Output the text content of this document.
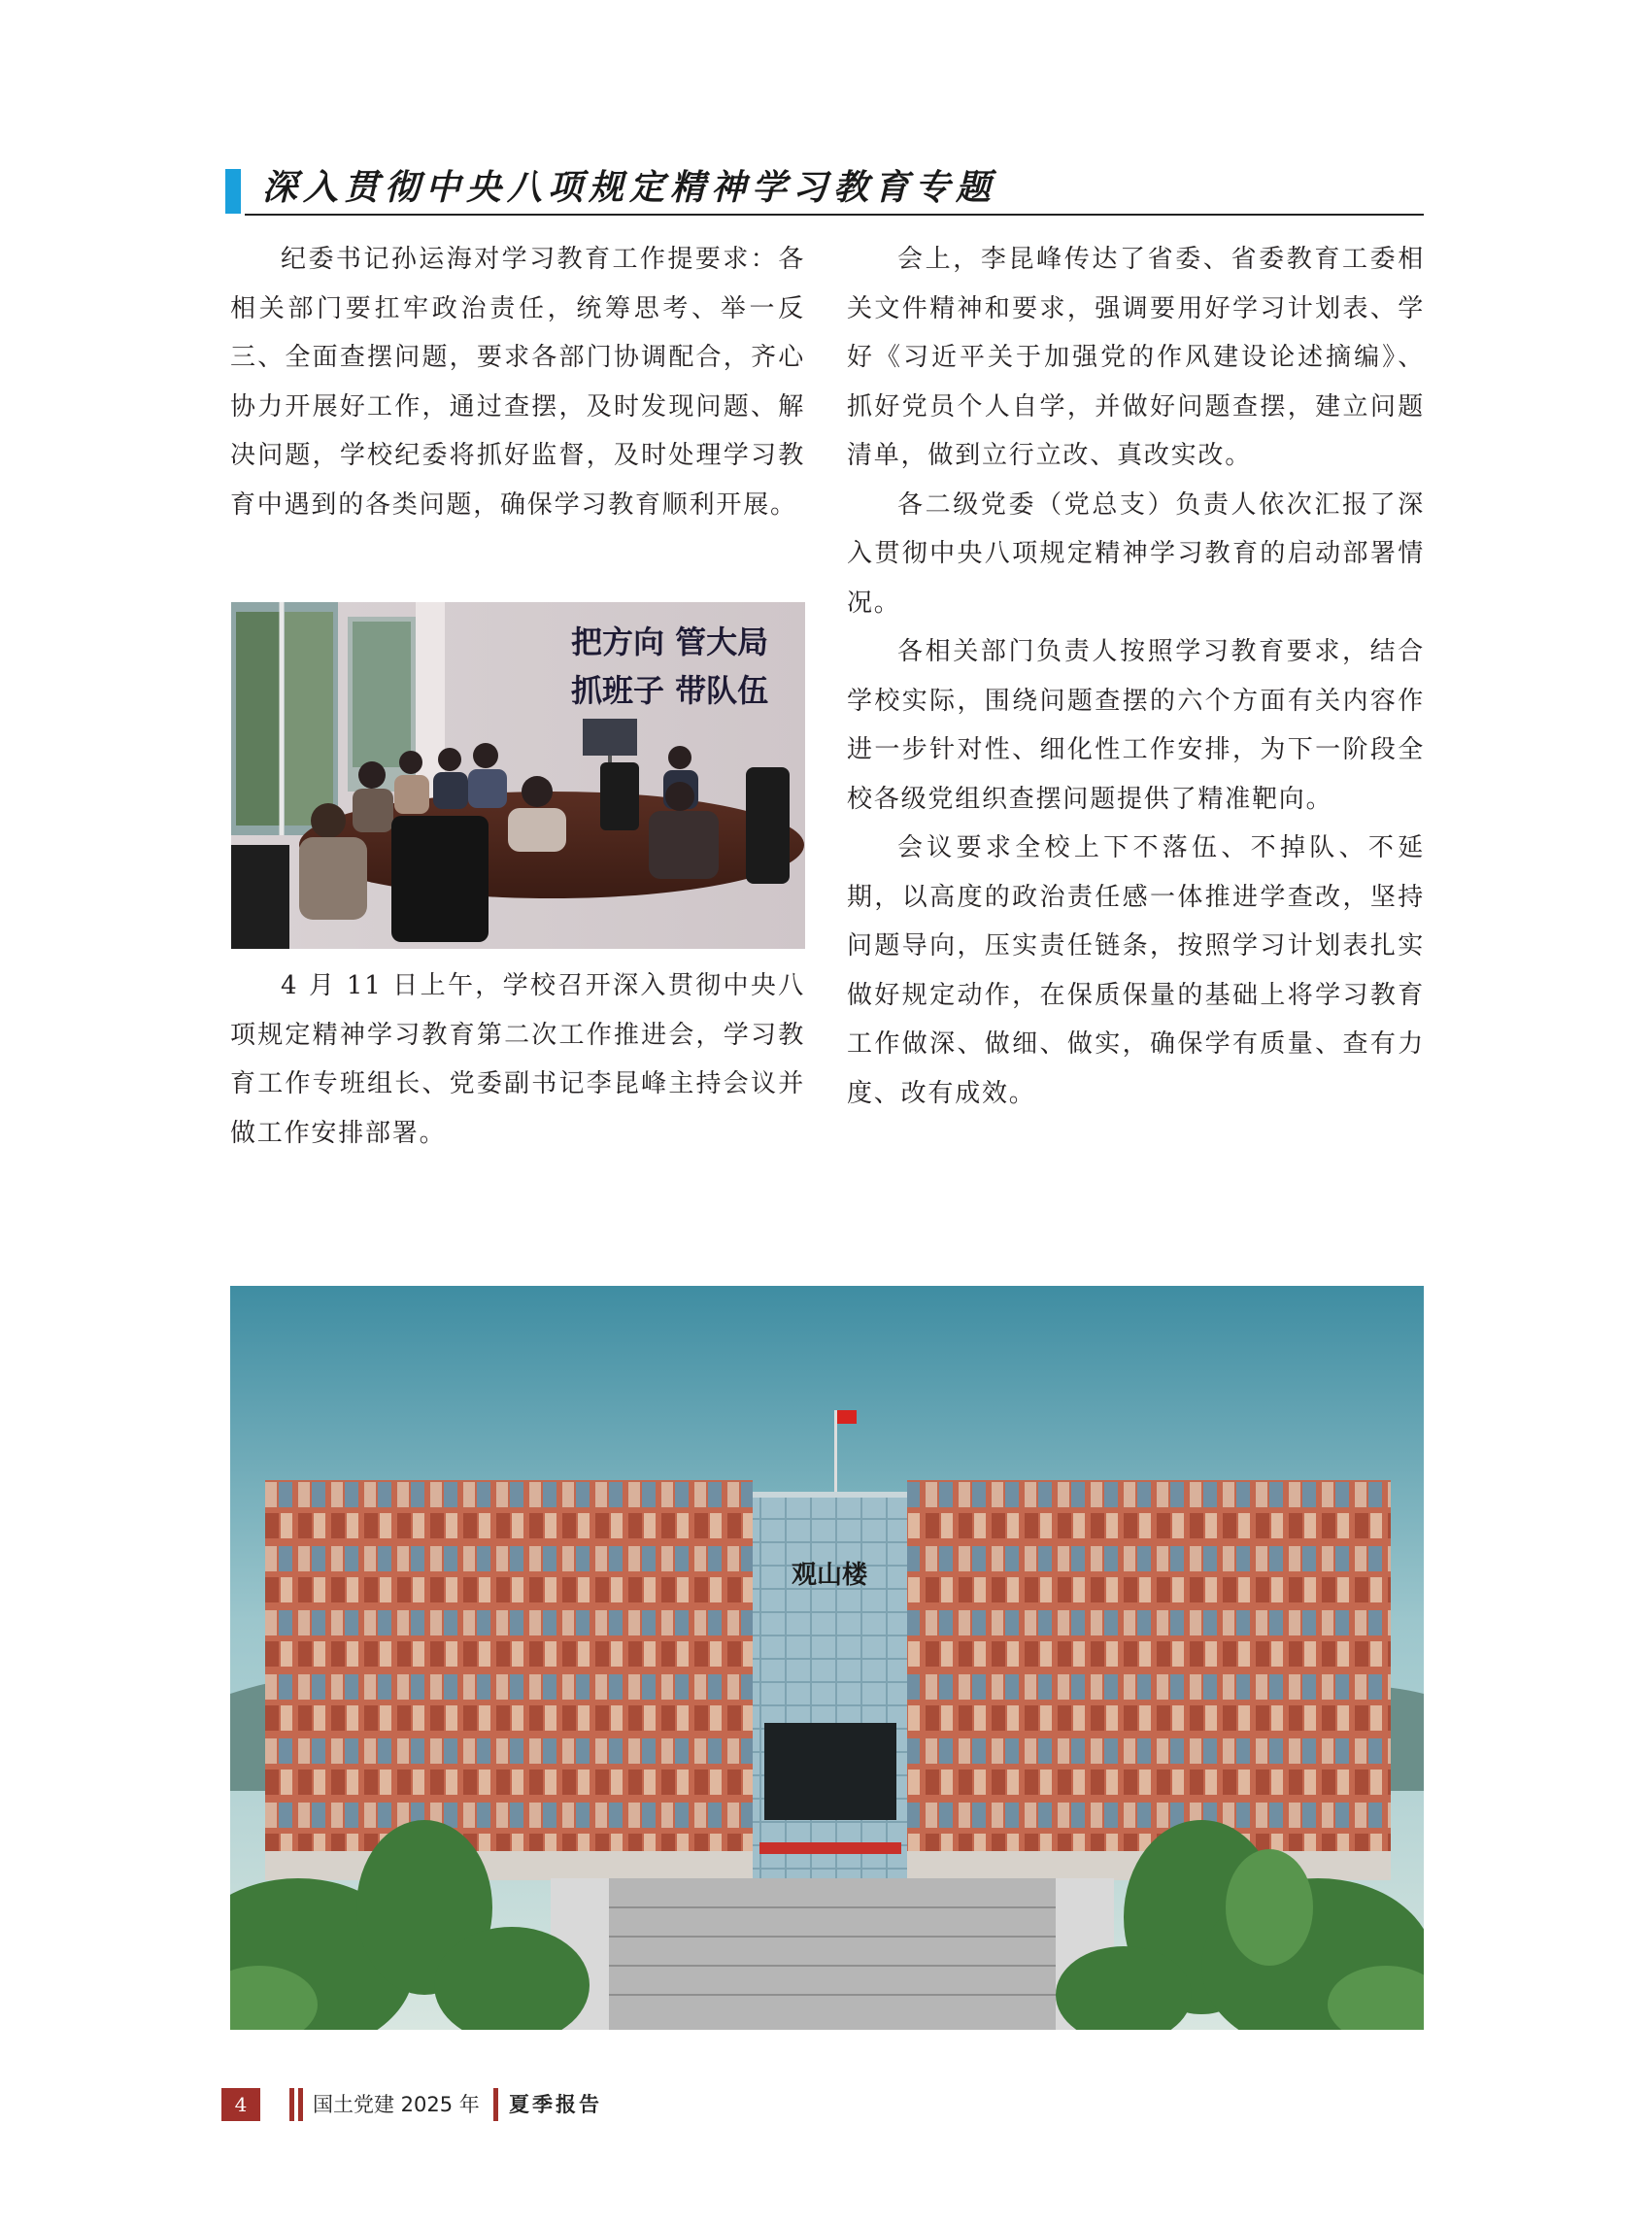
深入贯彻中央八项规定精神学习教育专题

纪委书记孙运海对学习教育工作提要求：各相关部门要扛牢政治责任，统筹思考、举一反三、全面查摆问题，要求各部门协调配合，齐心协力开展好工作，通过查摆，及时发现问题、解决问题，学校纪委将抓好监督，及时处理学习教育中遇到的各类问题，确保学习教育顺利开展。

把方向 管大局
抓班子 带队伍

4 月 11 日上午，学校召开深入贯彻中央八项规定精神学习教育第二次工作推进会，学习教育工作专班组长、党委副书记李昆峰主持会议并做工作安排部署。

会上，李昆峰传达了省委、省委教育工委相关文件精神和要求，强调要用好学习计划表、学好《习近平关于加强党的作风建设论述摘编》、抓好党员个人自学，并做好问题查摆，建立问题清单，做到立行立改、真改实改。

各二级党委（党总支）负责人依次汇报了深入贯彻中央八项规定精神学习教育的启动部署情况。

各相关部门负责人按照学习教育要求，结合学校实际，围绕问题查摆的六个方面有关内容作进一步针对性、细化性工作安排，为下一阶段全校各级党组织查摆问题提供了精准靶向。

会议要求全校上下不落伍、不掉队、不延期，以高度的政治责任感一体推进学查改，坚持问题导向，压实责任链条，按照学习计划表扎实做好规定动作，在保质保量的基础上将学习教育工作做深、做细、做实，确保学有质量、查有力度、改有成效。

观山楼
4	国土党建 2025 年 夏季报告
